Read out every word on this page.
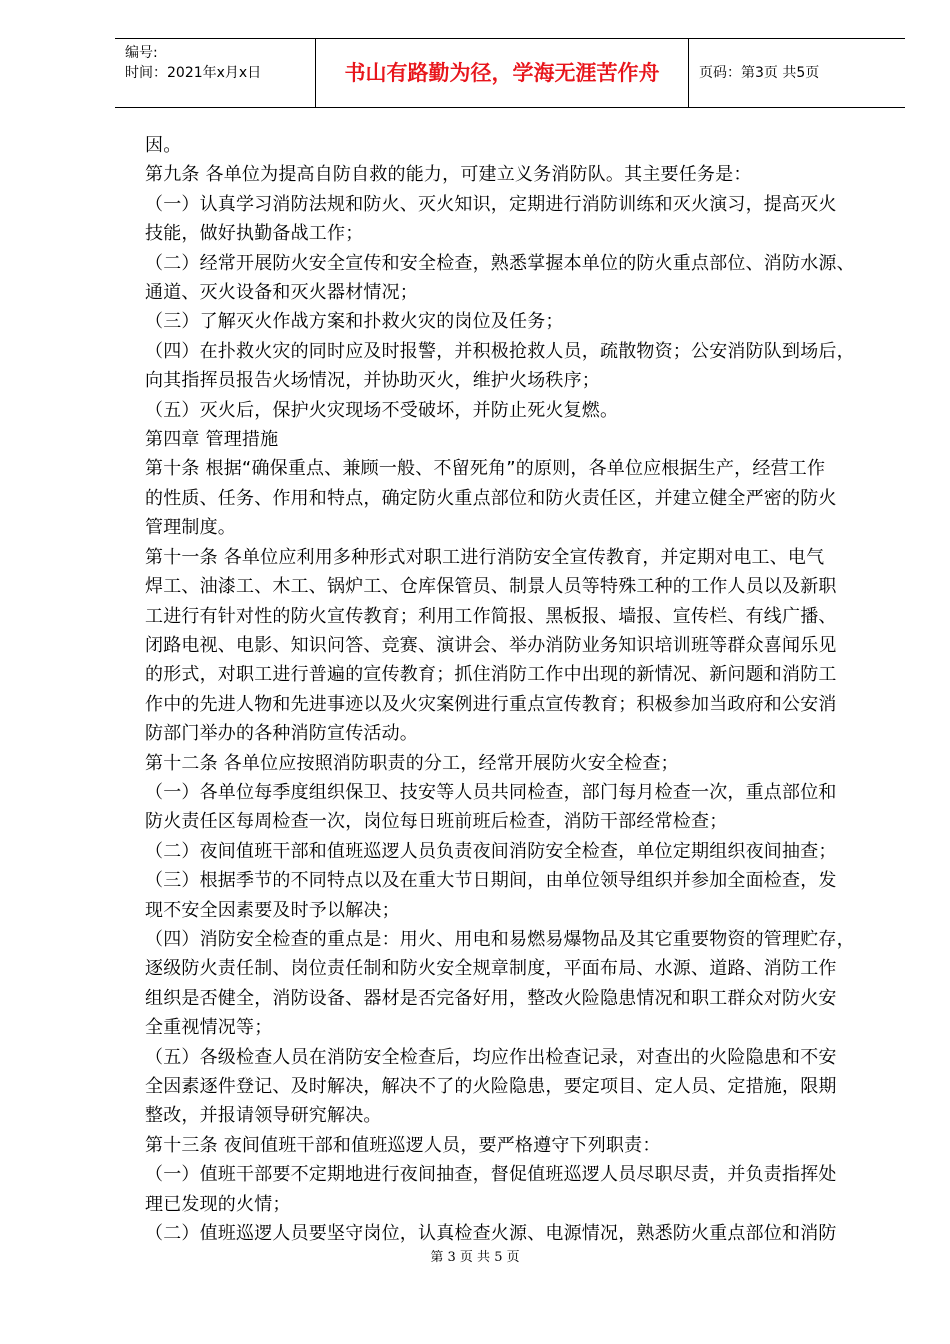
编号:
时间：2021年x月x日	书山有路勤为径，学海无涯苦作舟	页码：第3页 共5页

因。

第九条 各单位为提高自防自救的能力，可建立义务消防队。其主要任务是：

（一）认真学习消防法规和防火、灭火知识，定期进行消防训练和灭火演习，提高灭火

技能，做好执勤备战工作；

（二）经常开展防火安全宣传和安全检查，熟悉掌握本单位的防火重点部位、消防水源、

通道、灭火设备和灭火器材情况；

（三）了解灭火作战方案和扑救火灾的岗位及任务；

（四）在扑救火灾的同时应及时报警，并积极抢救人员，疏散物资；公安消防队到场后，

向其指挥员报告火场情况，并协助灭火，维护火场秩序；

（五）灭火后，保护火灾现场不受破坏，并防止死火复燃。

第四章 管理措施

第十条 根据“确保重点、兼顾一般、不留死角”的原则，各单位应根据生产，经营工作

的性质、任务、作用和特点，确定防火重点部位和防火责任区，并建立健全严密的防火

管理制度。

第十一条 各单位应利用多种形式对职工进行消防安全宣传教育，并定期对电工、电气

焊工、油漆工、木工、锅炉工、仓库保管员、制景人员等特殊工种的工作人员以及新职

工进行有针对性的防火宣传教育；利用工作简报、黑板报、墙报、宣传栏、有线广播、

闭路电视、电影、知识问答、竞赛、演讲会、举办消防业务知识培训班等群众喜闻乐见

的形式，对职工进行普遍的宣传教育；抓住消防工作中出现的新情况、新问题和消防工

作中的先进人物和先进事迹以及火灾案例进行重点宣传教育；积极参加当政府和公安消

防部门举办的各种消防宣传活动。

第十二条 各单位应按照消防职责的分工，经常开展防火安全检查；

（一）各单位每季度组织保卫、技安等人员共同检查，部门每月检查一次，重点部位和

防火责任区每周检查一次，岗位每日班前班后检查，消防干部经常检查；

（二）夜间值班干部和值班巡逻人员负责夜间消防安全检查，单位定期组织夜间抽查；

（三）根据季节的不同特点以及在重大节日期间，由单位领导组织并参加全面检查，发

现不安全因素要及时予以解决；

（四）消防安全检查的重点是：用火、用电和易燃易爆物品及其它重要物资的管理贮存，

逐级防火责任制、岗位责任制和防火安全规章制度，平面布局、水源、道路、消防工作

组织是否健全，消防设备、器材是否完备好用，整改火险隐患情况和职工群众对防火安

全重视情况等；

（五）各级检查人员在消防安全检查后，均应作出检查记录，对查出的火险隐患和不安

全因素逐件登记、及时解决，解决不了的火险隐患，要定项目、定人员、定措施，限期

整改，并报请领导研究解决。

第十三条 夜间值班干部和值班巡逻人员，要严格遵守下列职责：

（一）值班干部要不定期地进行夜间抽查，督促值班巡逻人员尽职尽责，并负责指挥处

理已发现的火情；

（二）值班巡逻人员要坚守岗位，认真检查火源、电源情况，熟悉防火重点部位和消防

第 3 页 共 5 页
